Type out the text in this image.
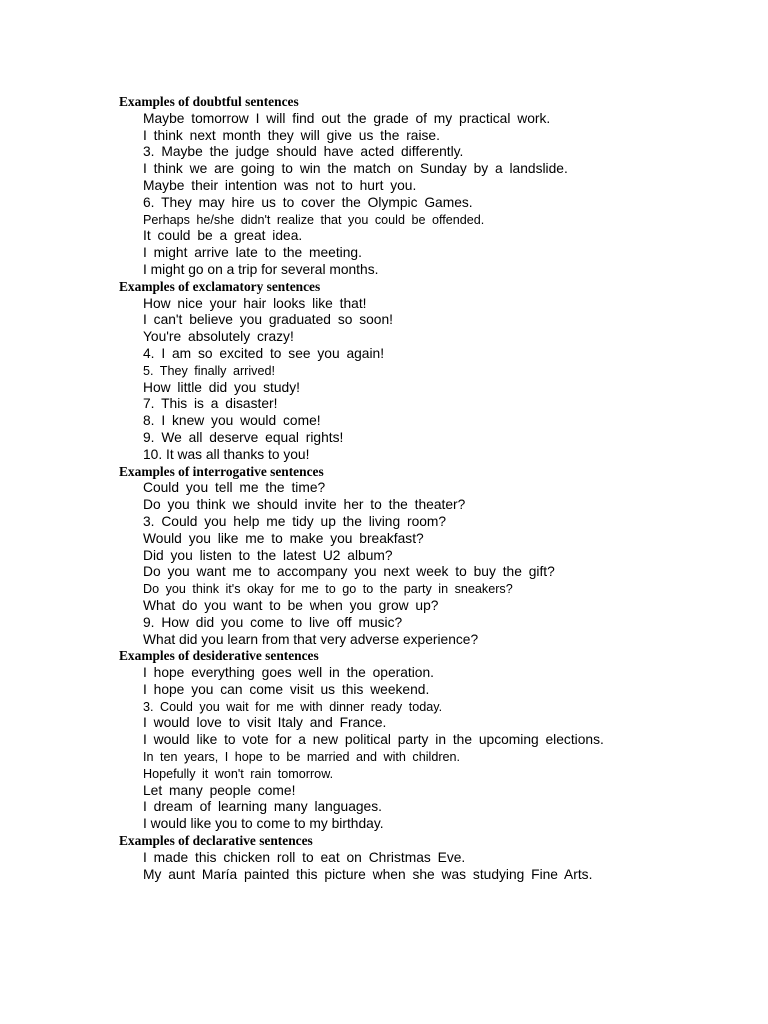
Examples of doubtful sentences
Maybe tomorrow I will find out the grade of my practical work.
I think next month they will give us the raise.
3. Maybe the judge should have acted differently.
I think we are going to win the match on Sunday by a landslide.
Maybe their intention was not to hurt you.
6. They may hire us to cover the Olympic Games.
Perhaps he/she didn't realize that you could be offended.
It could be a great idea.
I might arrive late to the meeting.
I might go on a trip for several months.
Examples of exclamatory sentences
How nice your hair looks like that!
I can't believe you graduated so soon!
You're absolutely crazy!
4. I am so excited to see you again!
5. They finally arrived!
How little did you study!
7. This is a disaster!
8. I knew you would come!
9. We all deserve equal rights!
10. It was all thanks to you!
Examples of interrogative sentences
Could you tell me the time?
Do you think we should invite her to the theater?
3. Could you help me tidy up the living room?
Would you like me to make you breakfast?
Did you listen to the latest U2 album?
Do you want me to accompany you next week to buy the gift?
Do you think it's okay for me to go to the party in sneakers?
What do you want to be when you grow up?
9. How did you come to live off music?
What did you learn from that very adverse experience?
Examples of desiderative sentences
I hope everything goes well in the operation.
I hope you can come visit us this weekend.
3. Could you wait for me with dinner ready today.
I would love to visit Italy and France.
I would like to vote for a new political party in the upcoming elections.
In ten years, I hope to be married and with children.
Hopefully it won't rain tomorrow.
Let many people come!
I dream of learning many languages.
I would like you to come to my birthday.
Examples of declarative sentences
I made this chicken roll to eat on Christmas Eve.
My aunt María painted this picture when she was studying Fine Arts.
